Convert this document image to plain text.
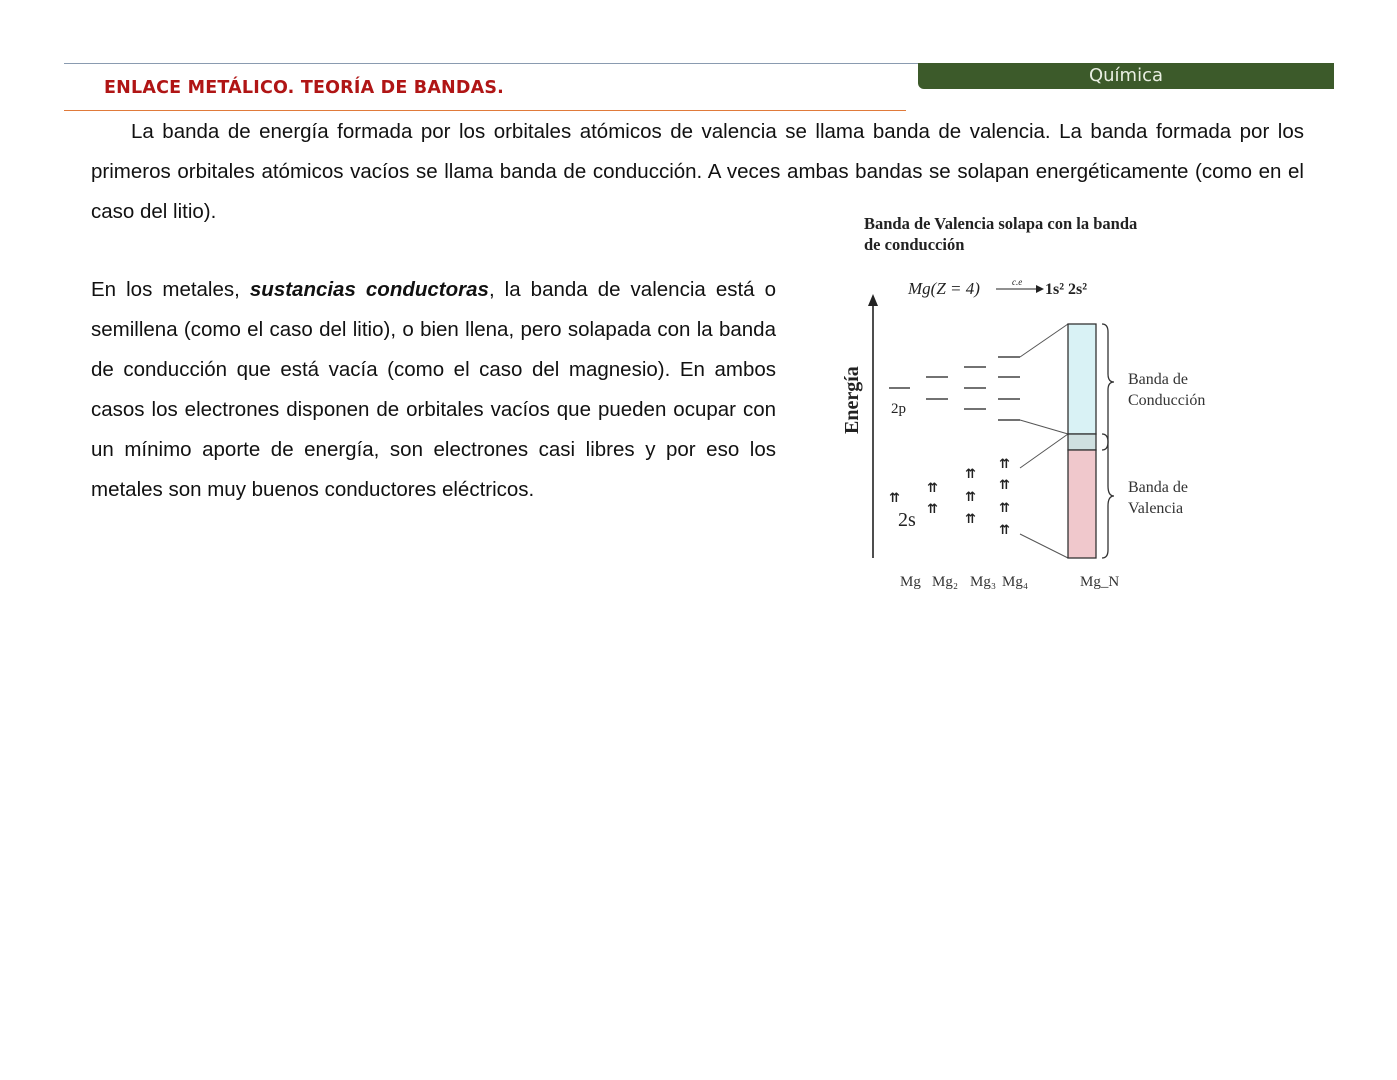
Química
ENLACE METÁLICO. TEORÍA DE BANDAS.

La banda de energía formada por los orbitales atómicos de valencia se llama banda de valencia. La banda formada por los primeros orbitales atómicos vacíos se llama banda de conducción. A veces ambas bandas se solapan energéticamente (como en el caso del litio).

En los metales, sustancias conductoras, la banda de valencia está o semillena (como el caso del litio), o bien llena, pero solapada con la banda de conducción que está vacía (como el caso del magnesio). En ambos casos los electrones disponen de orbitales vacíos que pueden ocupar con un mínimo aporte de energía, son electrones casi libres y por eso los metales son muy buenos conductores eléctricos.

Banda de Valencia solapa con la banda
de conducción
Mg(Z = 4)	c.e 1s² 2s²
Energía 2p
⇈
⇈
⇈
⇈
⇈
⇈
⇈
⇈
⇈
⇈
2s
Banda de
Conducción
Banda de
Valencia
Mg Mg₂ Mg₃ Mg₄	Mg_N
